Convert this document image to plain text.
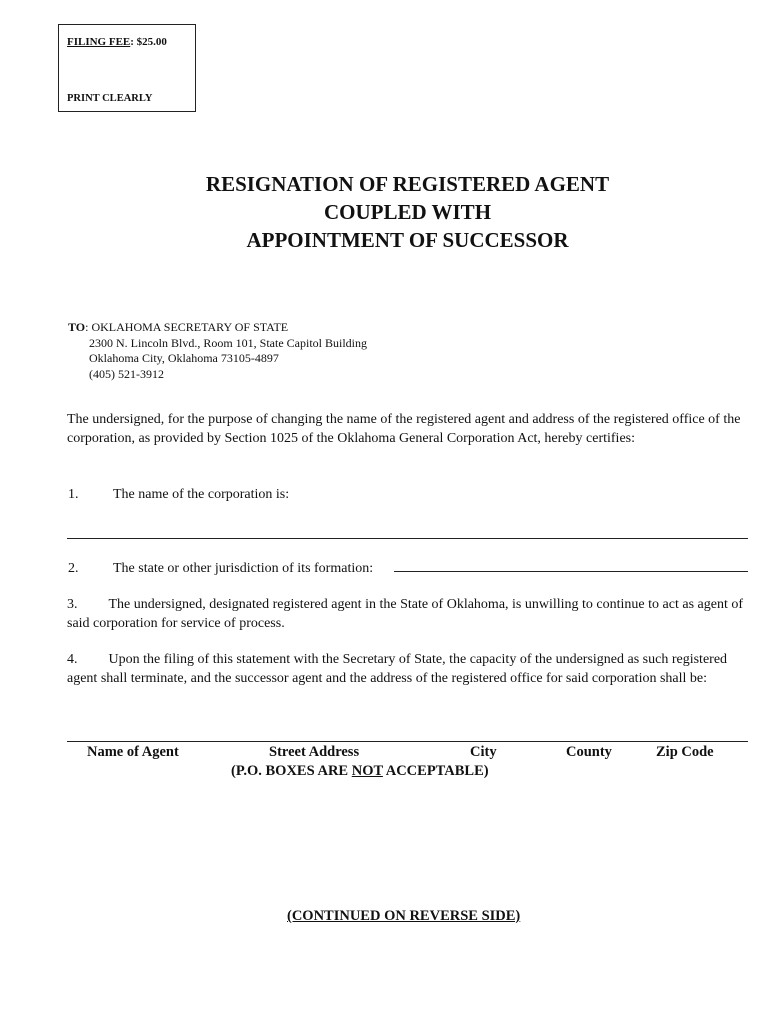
FILING FEE: $25.00
PRINT CLEARLY
RESIGNATION OF REGISTERED AGENT
COUPLED WITH
APPOINTMENT OF SUCCESSOR
TO: OKLAHOMA SECRETARY OF STATE
2300 N. Lincoln Blvd., Room 101, State Capitol Building
Oklahoma City, Oklahoma 73105-4897
(405) 521-3912
The undersigned, for the purpose of changing the name of the registered agent and address of the registered office of the corporation, as provided by Section 1025 of the Oklahoma General Corporation Act, hereby certifies:
1. The name of the corporation is:
2. The state or other jurisdiction of its formation:
3. The undersigned, designated registered agent in the State of Oklahoma, is unwilling to continue to act as agent of said corporation for service of process.
4. Upon the filing of this statement with the Secretary of State, the capacity of the undersigned as such registered agent shall terminate, and the successor agent and the address of the registered office for said corporation shall be:
Name of Agent	Street Address	City	County	Zip Code
(P.O. BOXES ARE NOT ACCEPTABLE)
(CONTINUED ON REVERSE SIDE)
